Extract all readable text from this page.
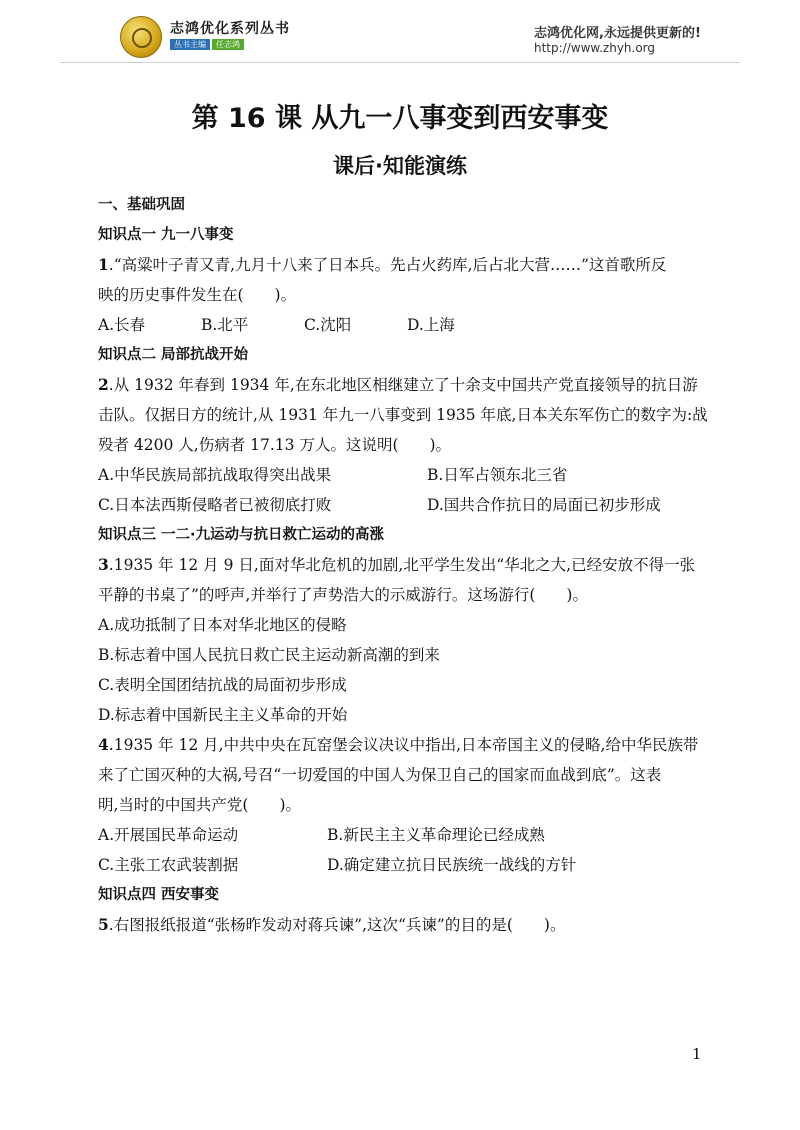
志鸿优化系列丛书
丛书主编	任志鸿
志鸿优化网,永远提供更新的!
http://www.zhyh.org
第 16 课 从九一八事变到西安事变
课后·知能演练
一、基础巩固
知识点一 九一八事变
1.“高粱叶子青又青,九月十八来了日本兵。先占火药库,后占北大营……”这首歌所反
映的历史事件发生在(　　)。
A.长春	B.北平	C.沈阳	D.上海
知识点二 局部抗战开始
2.从 1932 年春到 1934 年,在东北地区相继建立了十余支中国共产党直接领导的抗日游
击队。仅据日方的统计,从 1931 年九一八事变到 1935 年底,日本关东军伤亡的数字为:战
殁者 4200 人,伤病者 17.13 万人。这说明(　　)。
A.中华民族局部抗战取得突出战果	B.日军占领东北三省
C.日本法西斯侵略者已被彻底打败	D.国共合作抗日的局面已初步形成
知识点三 一二·九运动与抗日救亡运动的高涨
3.1935 年 12 月 9 日,面对华北危机的加剧,北平学生发出“华北之大,已经安放不得一张
平静的书桌了”的呼声,并举行了声势浩大的示威游行。这场游行(　　)。
A.成功抵制了日本对华北地区的侵略
B.标志着中国人民抗日救亡民主运动新高潮的到来
C.表明全国团结抗战的局面初步形成
D.标志着中国新民主主义革命的开始
4.1935 年 12 月,中共中央在瓦窑堡会议决议中指出,日本帝国主义的侵略,给中华民族带
来了亡国灭种的大祸,号召“一切爱国的中国人为保卫自己的国家而血战到底”。这表
明,当时的中国共产党(　　)。
A.开展国民革命运动	B.新民主主义革命理论已经成熟
C.主张工农武装割据	D.确定建立抗日民族统一战线的方针
知识点四 西安事变
5.右图报纸报道“张杨昨发动对蒋兵谏”,这次“兵谏”的目的是(　　)。
1
